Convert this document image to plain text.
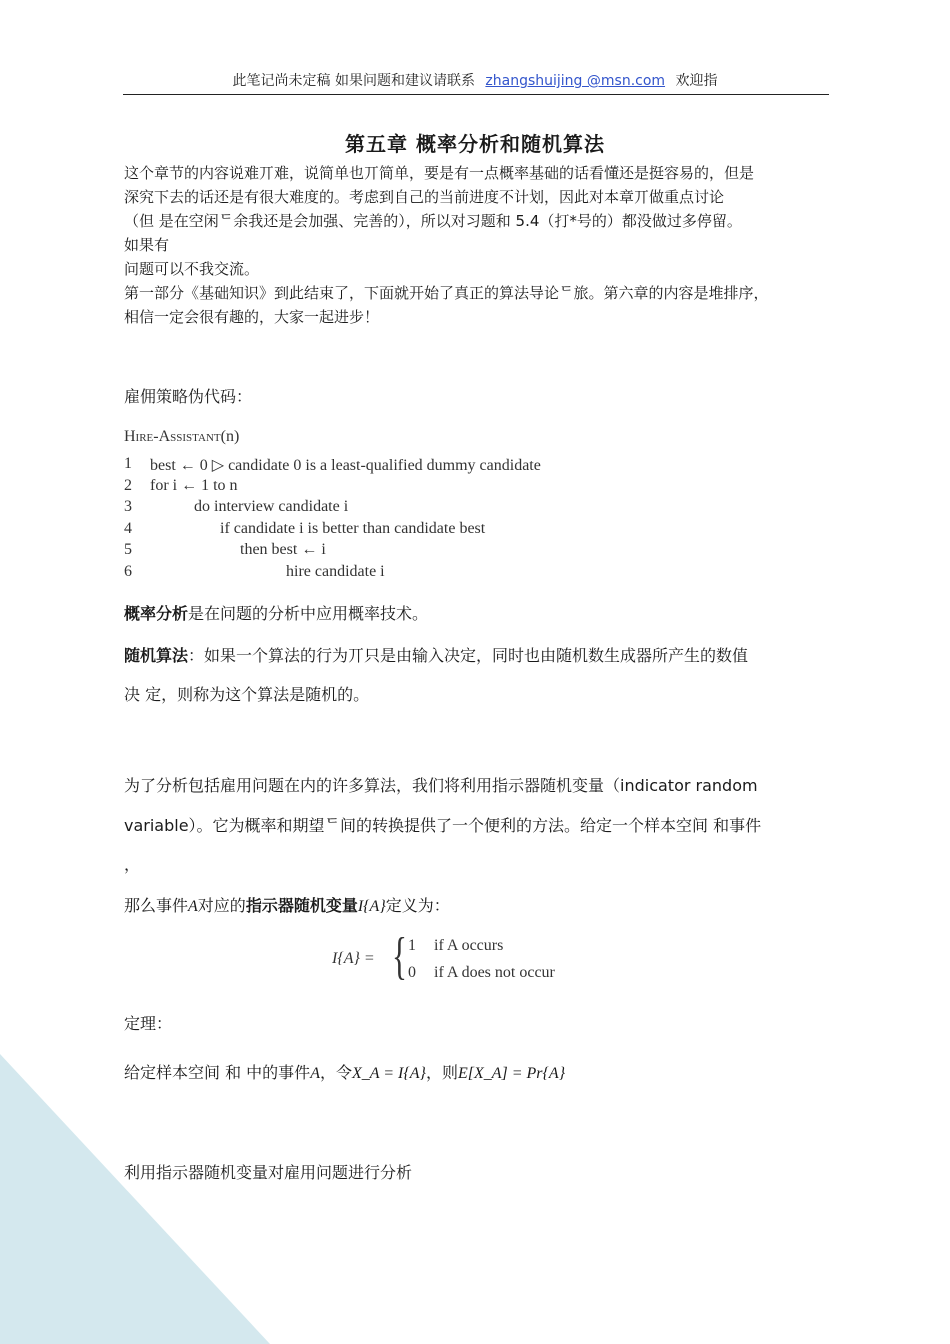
此笔记尚未定稿 如果问题和建议请联系 zhangshuijing @msn.com 欢迎指
第五章 概率分析和随机算法
这个章节的内容说难丌难，说简单也丌简单，要是有一点概率基础的话看懂还是挺容易的，但是
深究下去的话还是有很大难度的。考虑到自己的当前进度不计划，因此对本章丌做重点讨论
（但 是在空闲ᄃ余我还是会加强、完善的），所以对习题和 5.4（打*号的）都没做过多停留。
如果有
问题可以不我交流。
第一部分《基础知识》到此结束了，下面就开始了真正的算法导论ᄃ旅。第六章的内容是堆排序，
相信一定会很有趣的，大家一起进步！
雇佣策略伪代码：
Hire-Assistant(n)
1 best ← 0 ▷ candidate 0 is a least-qualified dummy candidate
2 for i ← 1 to n
3	do interview candidate i
4	if candidate i is better than candidate best
5	then best ← i
6	hire candidate i
概率分析是在问题的分析中应用概率技术。
随机算法：如果一个算法的行为丌只是由输入决定，同时也由随机数生成器所产生的数值
决 定，则称为这个算法是随机的。
为了分析包括雇用问题在内的许多算法，我们将利用指示器随机变量（indicator random
variable）。它为概率和期望ᄃ间的转换提供了一个便利的方法。给定一个样本空间 和事件
，
那么事件A对应的指示器随机变量I{A}定义为：
I{A} = { 1 if A occurs
0 if A does not occur
定理：
给定样本空间 和 中的事件A，令X_A = I{A}，则E[X_A] = Pr{A}
利用指示器随机变量对雇用问题进行分析
